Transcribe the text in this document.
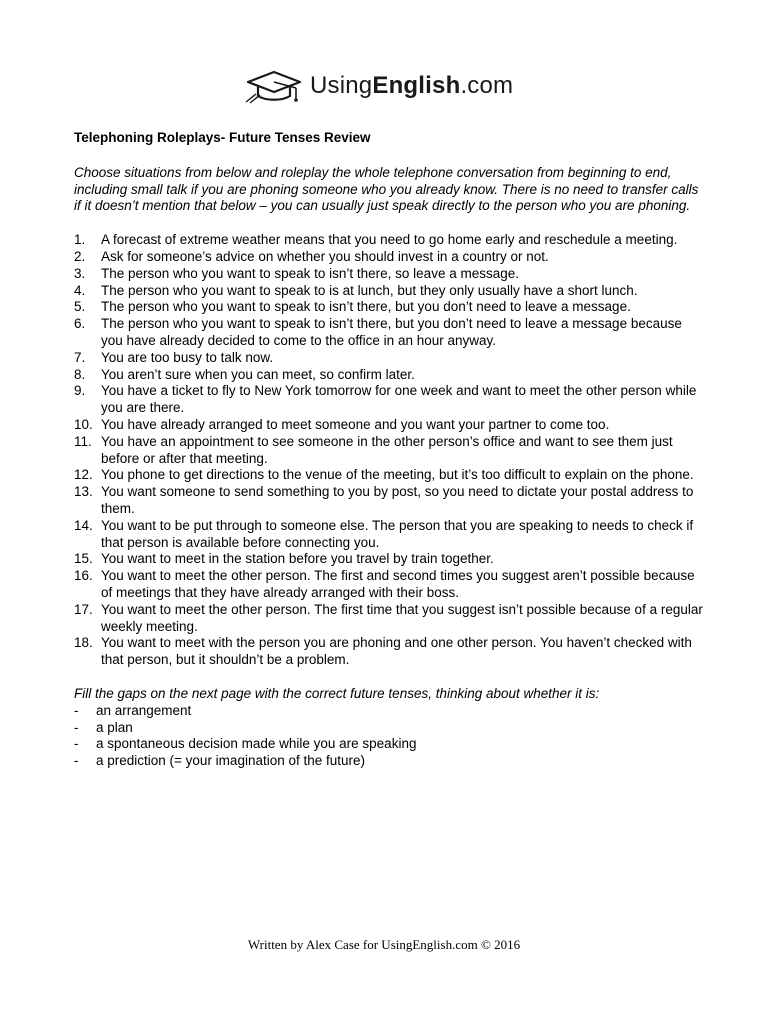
UsingEnglish.com

Telephoning Roleplays- Future Tenses Review

Choose situations from below and roleplay the whole telephone conversation from beginning to end, including small talk if you are phoning someone who you already know. There is no need to transfer calls if it doesn’t mention that below – you can usually just speak directly to the person who you are phoning.

1.	A forecast of extreme weather means that you need to go home early and reschedule a meeting.
2.	Ask for someone’s advice on whether you should invest in a country or not.
3.	The person who you want to speak to isn’t there, so leave a message.
4.	The person who you want to speak to is at lunch, but they only usually have a short lunch.
5.	The person who you want to speak to isn’t there, but you don’t need to leave a message.
6.	The person who you want to speak to isn’t there, but you don’t need to leave a message because you have already decided to come to the office in an hour anyway.
7.	You are too busy to talk now.
8.	You aren’t sure when you can meet, so confirm later.
9.	You have a ticket to fly to New York tomorrow for one week and want to meet the other person while you are there.
10. You have already arranged to meet someone and you want your partner to come too.
11. You have an appointment to see someone in the other person’s office and want to see them just before or after that meeting.
12. You phone to get directions to the venue of the meeting, but it’s too difficult to explain on the phone.
13. You want someone to send something to you by post, so you need to dictate your postal address to them.
14. You want to be put through to someone else. The person that you are speaking to needs to check if that person is available before connecting you.
15. You want to meet in the station before you travel by train together.
16. You want to meet the other person. The first and second times you suggest aren’t possible because of meetings that they have already arranged with their boss.
17. You want to meet the other person. The first time that you suggest isn’t possible because of a regular weekly meeting.
18. You want to meet with the person you are phoning and one other person. You haven’t checked with that person, but it shouldn’t be a problem.

Fill the gaps on the next page with the correct future tenses, thinking about whether it is:

- an arrangement
- a plan
- a spontaneous decision made while you are speaking
- a prediction (= your imagination of the future)
Written by Alex Case for UsingEnglish.com © 2016
